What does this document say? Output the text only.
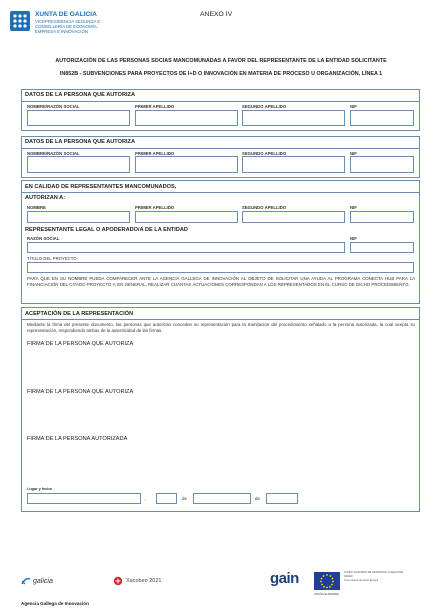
XUNTA DE GALICIA
VICEPRESIDENCIA SEGUNDA E
CONSELLERÍA DE ECONOMÍA,
EMPRESA E INNOVACIÓN
ANEXO IV
AUTORIZACIÓN DE LAS PERSONAS SOCIAS MANCOMUNADAS A FAVOR DEL REPRESENTANTE DE LA ENTIDAD SOLICITANTE
IN852B - SUBVENCIONES PARA PROYECTOS DE I+D O INNOVACIÓN EN MATERIA DE PROCESO U ORGANIZACIÓN, LÍNEA 1
DATOS DE LA PERSONA QUE AUTORIZA
NOMBRE/RAZÓN SOCIAL	PRIMER APELLIDO	SEGUNDO APELLIDO	NIF
DATOS DE LA PERSONA QUE AUTORIZA
NOMBRE/RAZÓN SOCIAL	PRIMER APELLIDO	SEGUNDO APELLIDO	NIF
EN CALIDAD DE REPRESENTANTES MANCOMUNADOS,
AUTORIZAN A:
NOMBRE	PRIMER APELLIDO	SEGUNDO APELLIDO	NIF
REPRESENTANTE LEGAL O APODERADO/A DE LA ENTIDAD
RAZÓN SOCIAL	NIF
TÍTULO DEL PROYECTO
PARA QUE EN SU NOMBRE PUEDA COMPARECER ANTE LA AGENCIA GALLEGA DE INNOVACIÓN AL OBJETO DE SOLICITAR UNA AYUDA AL PROGRAMA CONECTA HUB PARA LA FINANCIACIÓN DEL CITADO PROYECTO Y, EN GENERAL, REALIZAR CUANTAS ACTUACIONES CORRESPONDAN A LOS REPRESENTADOS EN EL CURSO DE DICHO PROCEDIMIENTO.
ACEPTACIÓN DE LA REPRESENTACIÓN
Mediante la firma del presente documento, las personas que autorizan conceden su representación para la tramitación del procedimiento señalado a la persona autorizada, la cual acepta su representación, respondiendo ambas de la autenticidad de las firmas.
FIRMA DE LA PERSONA QUE AUTORIZA
FIRMA DE LA PERSONA QUE AUTORIZA
FIRMA DE LA PERSONA AUTORIZADA
Lugar y fecha
,	de	de
galicia	Xacobeo 2021	gain
UNIÓN EUROPEA
FONDO EUROPEO DE DESARROLLO REGIONAL
FEDER
Una manera de hacer Europa
Agencia Gallega de Innovación
